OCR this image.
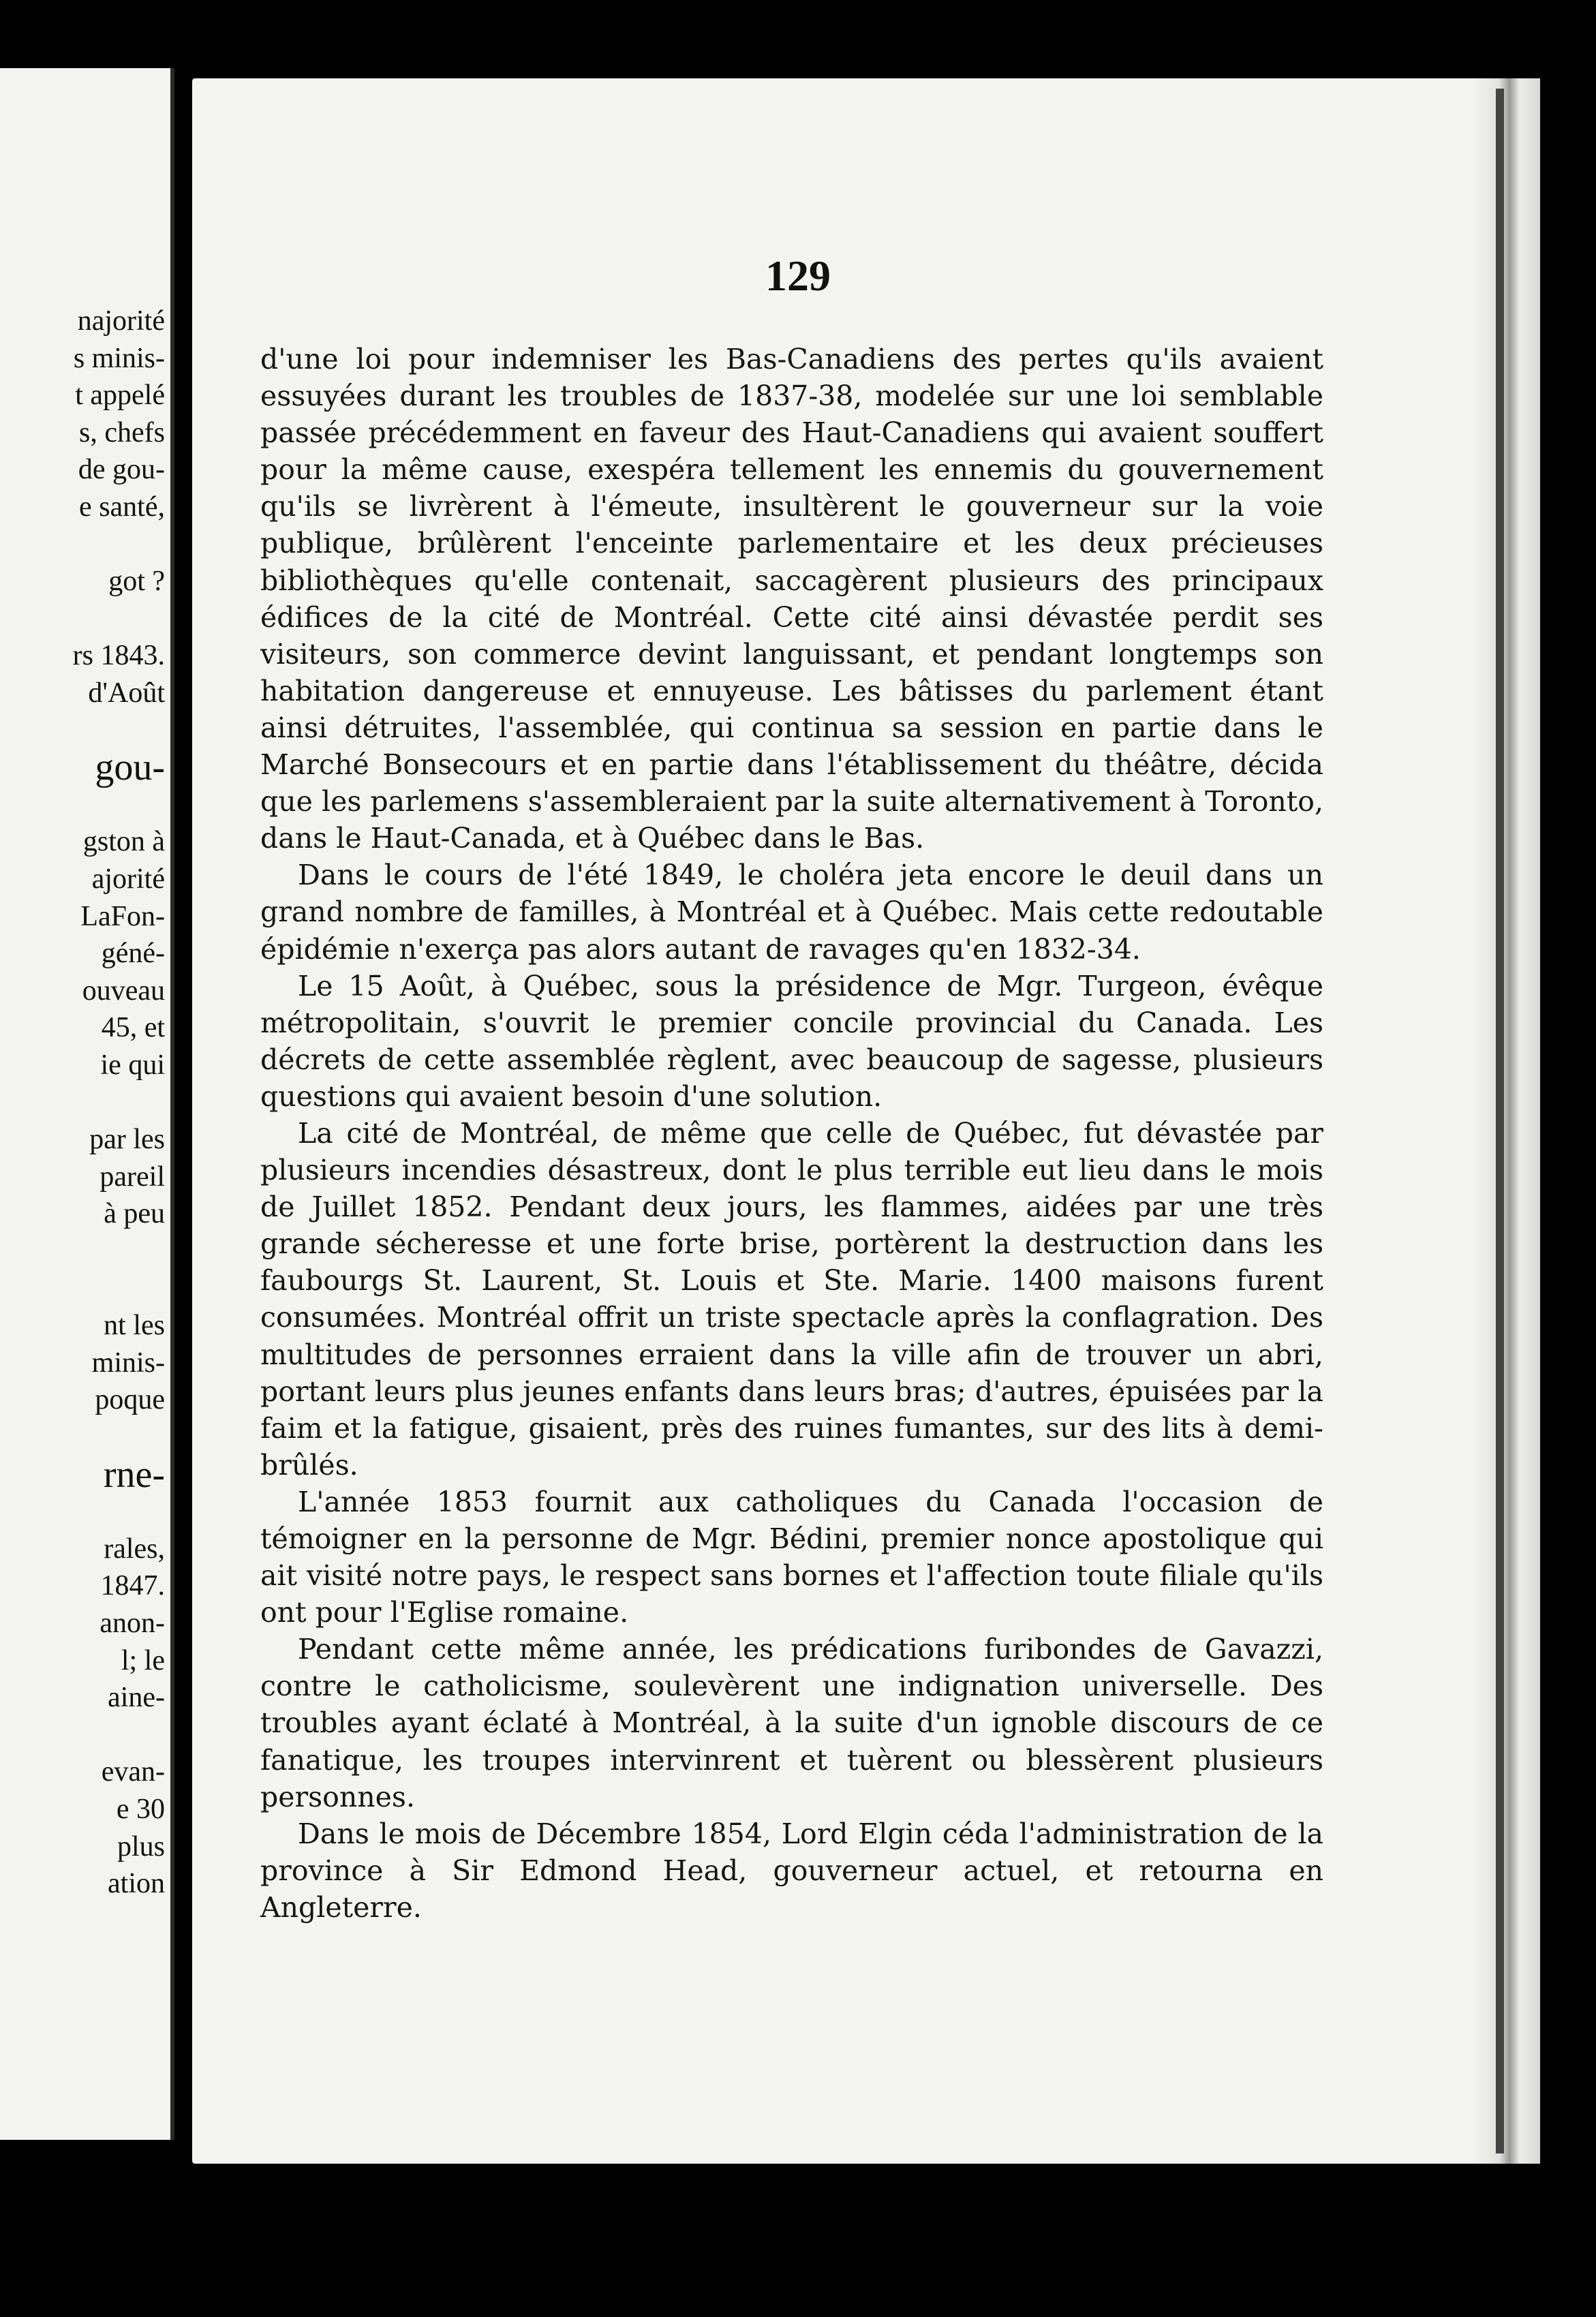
najorité
s minis-
t appelé
s, chefs
de gou-
e santé,
got ?
rs 1843.
d'Août
gou-
gston à
ajorité
LaFon-
géné-
ouveau
45, et
ie qui
par les
pareil
à peu
nt les
minis-
poque
rne-
rales,
1847.
anon-
l; le
aine-
evan-
e 30
plus
ation
129

d'une loi pour indemniser les Bas-Canadiens des pertes qu'ils avaient essuyées durant les troubles de 1837-38, modelée sur une loi semblable passée précédemment en faveur des Haut-Canadiens qui avaient souffert pour la même cause, exespéra tellement les ennemis du gouvernement qu'ils se livrèrent à l'émeute, insultèrent le gouverneur sur la voie publique, brûlèrent l'enceinte parlementaire et les deux précieuses bibliothèques qu'elle contenait, saccagèrent plusieurs des principaux édifices de la cité de Montréal. Cette cité ainsi dévastée perdit ses visiteurs, son commerce devint languissant, et pendant longtemps son habitation dangereuse et ennuyeuse. Les bâtisses du parlement étant ainsi détruites, l'assemblée, qui continua sa session en partie dans le Marché Bonsecours et en partie dans l'établissement du théâtre, décida que les parlemens s'assembleraient par la suite alternativement à Toronto, dans le Haut-Canada, et à Québec dans le Bas.

Dans le cours de l'été 1849, le choléra jeta encore le deuil dans un grand nombre de familles, à Montréal et à Québec. Mais cette redoutable épidémie n'exerça pas alors autant de ravages qu'en 1832-34.

Le 15 Août, à Québec, sous la présidence de Mgr. Turgeon, évêque métropolitain, s'ouvrit le premier concile provincial du Canada. Les décrets de cette assemblée règlent, avec beaucoup de sagesse, plusieurs questions qui avaient besoin d'une solution.

La cité de Montréal, de même que celle de Québec, fut dévastée par plusieurs incendies désastreux, dont le plus terrible eut lieu dans le mois de Juillet 1852. Pendant deux jours, les flammes, aidées par une très grande sécheresse et une forte brise, portèrent la destruction dans les faubourgs St. Laurent, St. Louis et Ste. Marie. 1400 maisons furent consumées. Montréal offrit un triste spectacle après la conflagration. Des multitudes de personnes erraient dans la ville afin de trouver un abri, portant leurs plus jeunes enfants dans leurs bras; d'autres, épuisées par la faim et la fatigue, gisaient, près des ruines fumantes, sur des lits à demi-brûlés.

L'année 1853 fournit aux catholiques du Canada l'occasion de témoigner en la personne de Mgr. Bédini, premier nonce apostolique qui ait visité notre pays, le respect sans bornes et l'affection toute filiale qu'ils ont pour l'Eglise romaine.

Pendant cette même année, les prédications furibondes de Gavazzi, contre le catholicisme, soulevèrent une indignation universelle. Des troubles ayant éclaté à Montréal, à la suite d'un ignoble discours de ce fanatique, les troupes intervinrent et tuèrent ou blessèrent plusieurs personnes.

Dans le mois de Décembre 1854, Lord Elgin céda l'administration de la province à Sir Edmond Head, gouverneur actuel, et retourna en Angleterre.
